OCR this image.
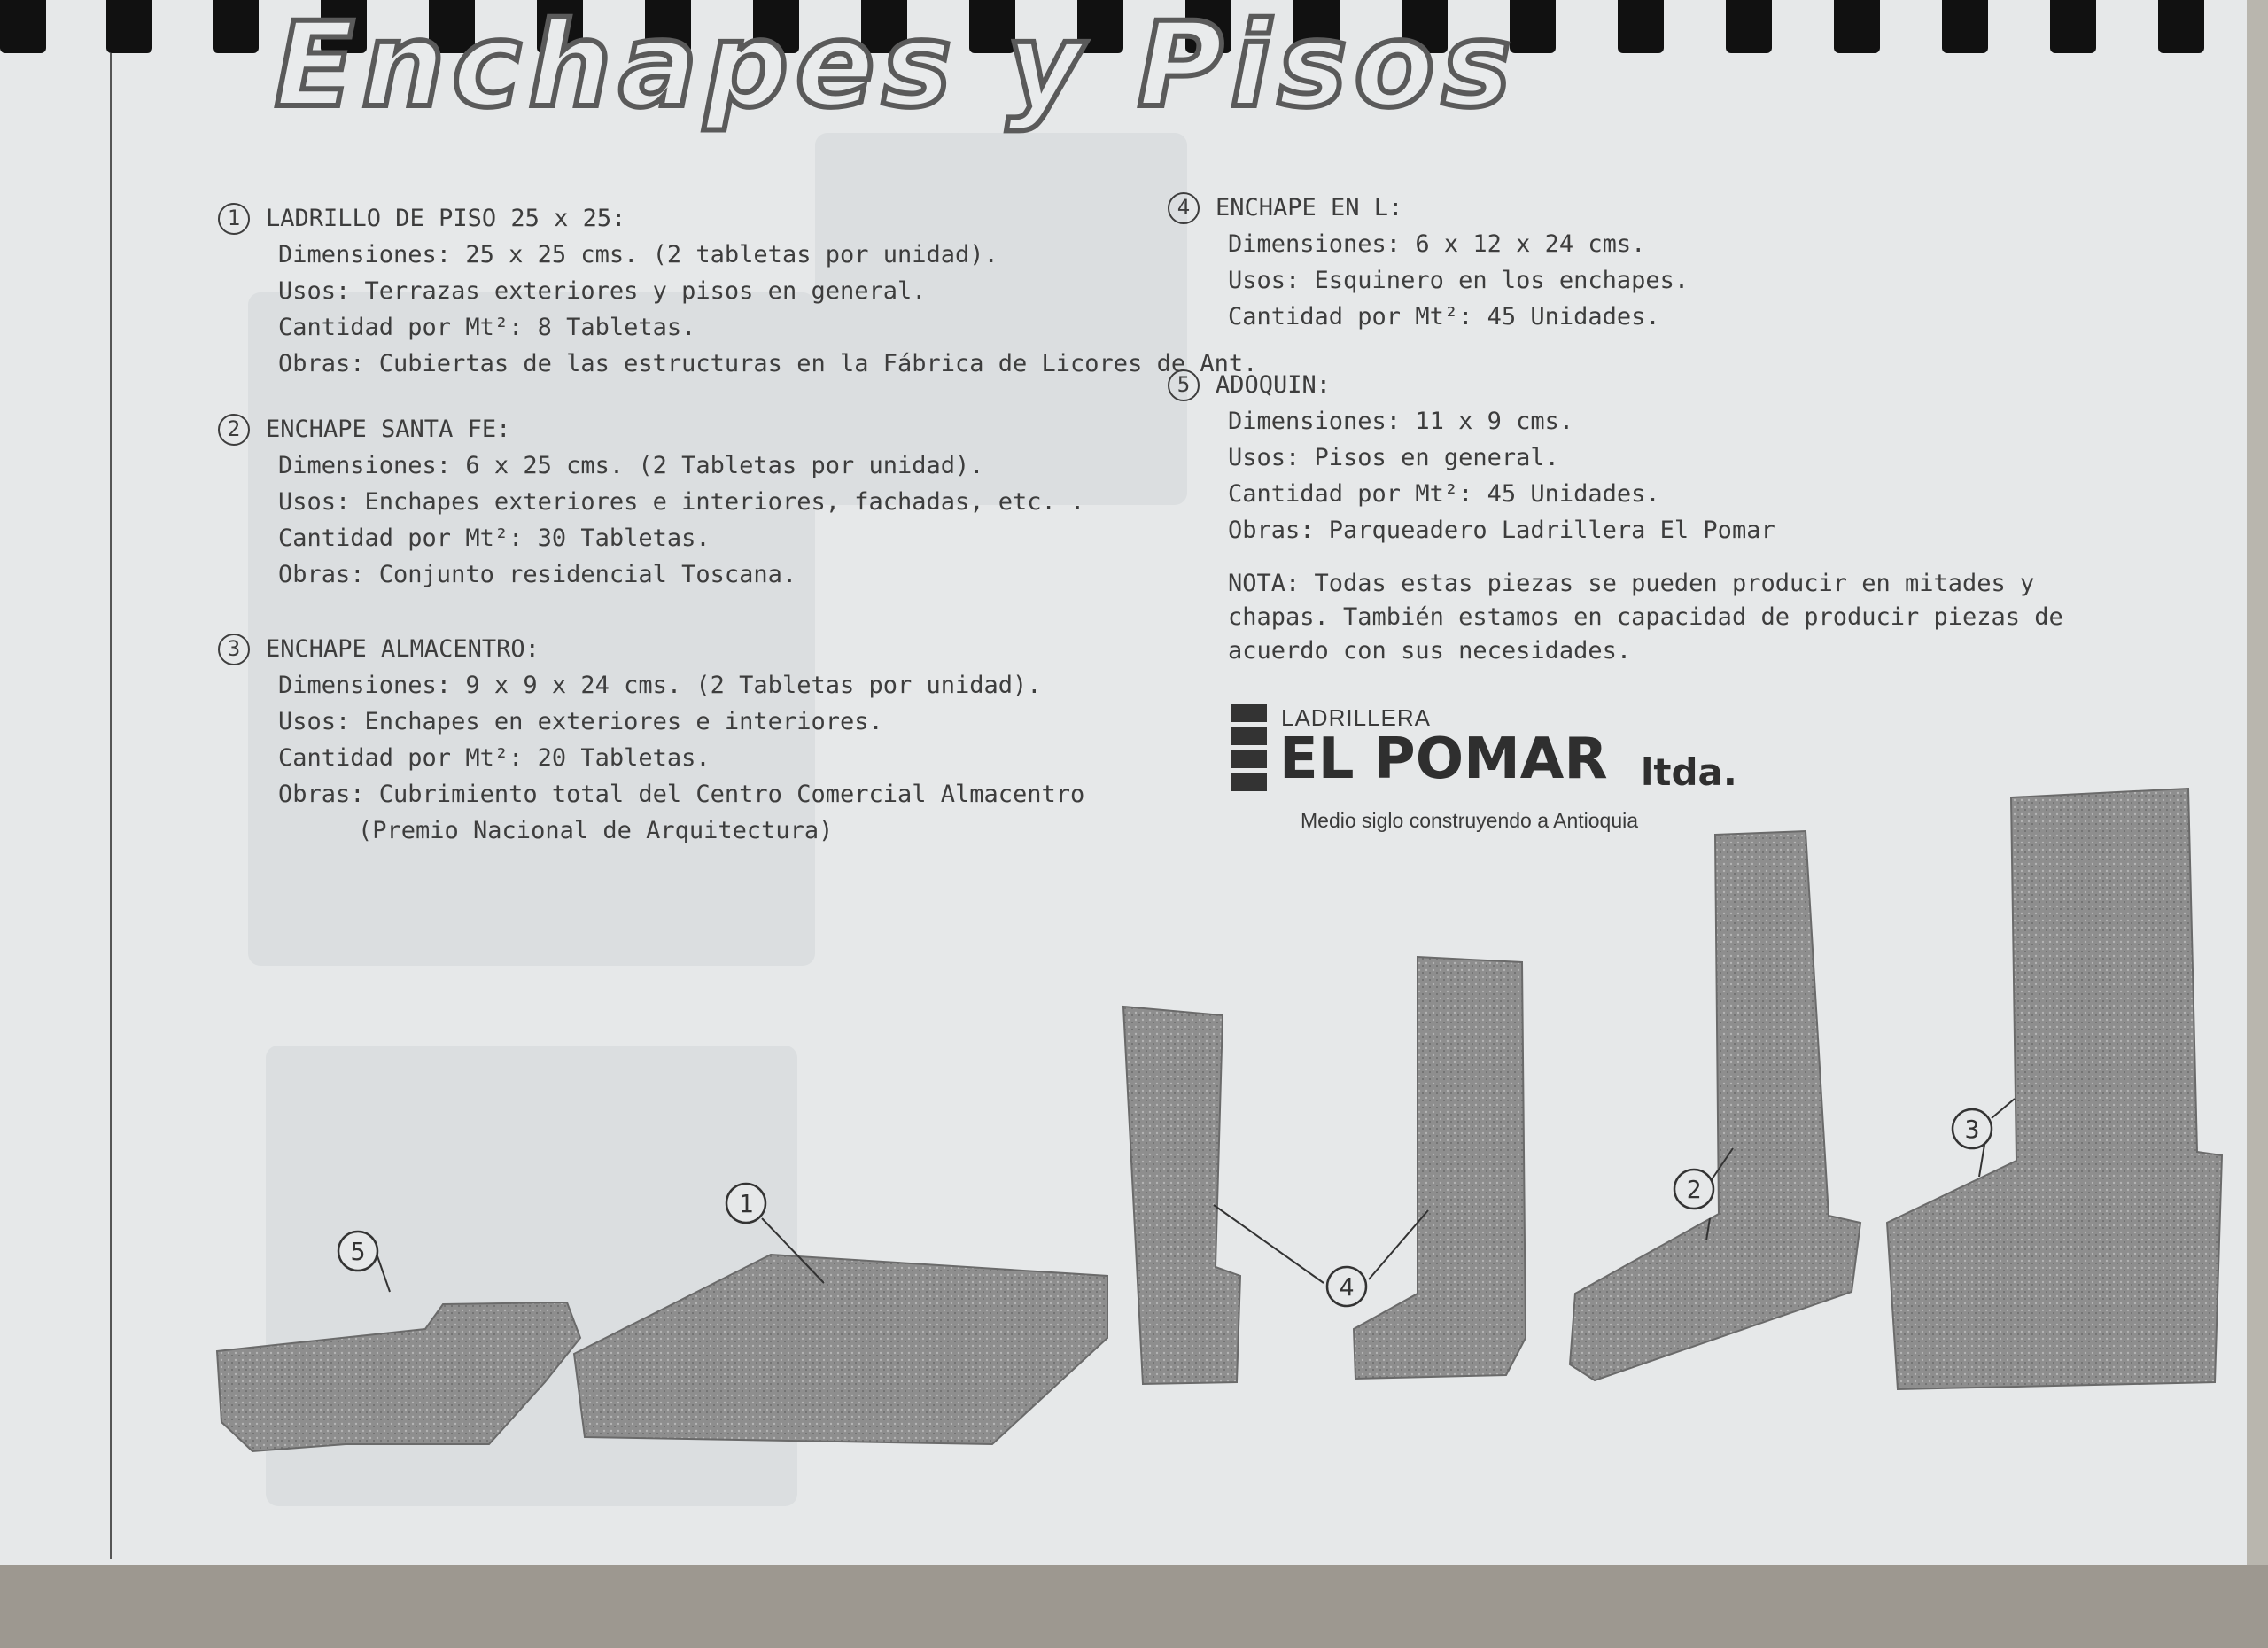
Enchapes y Pisos
1	LADRILLO DE PISO 25 x 25:
Dimensiones: 25 x 25 cms. (2 tabletas por unidad).
Usos: Terrazas exteriores y pisos en general.
Cantidad por Mt²: 8 Tabletas.
Obras: Cubiertas de las estructuras en la Fábrica de Licores de Ant.
2	ENCHAPE SANTA FE:
Dimensiones: 6 x 25 cms. (2 Tabletas por unidad).
Usos: Enchapes exteriores e interiores, fachadas, etc. .
Cantidad por Mt²: 30 Tabletas.
Obras: Conjunto residencial Toscana.
3	ENCHAPE ALMACENTRO:
Dimensiones: 9 x 9 x 24 cms. (2 Tabletas por unidad).
Usos: Enchapes en exteriores e interiores.
Cantidad por Mt²: 20 Tabletas.
Obras: Cubrimiento total del Centro Comercial Almacentro
(Premio Nacional de Arquitectura)
4	ENCHAPE EN L:
Dimensiones: 6 x 12 x 24 cms.
Usos: Esquinero en los enchapes.
Cantidad por Mt²: 45 Unidades.
5	ADOQUIN:
Dimensiones: 11 x 9 cms.
Usos: Pisos en general.
Cantidad por Mt²: 45 Unidades.
Obras: Parqueadero Ladrillera El Pomar
NOTA: Todas estas piezas se pueden producir en mitades y chapas. También estamos en capacidad de producir piezas de acuerdo con sus necesidades.
LADRILLERA
EL POMAR ltda.
Medio siglo construyendo a Antioquia
5
1
4
2
3
